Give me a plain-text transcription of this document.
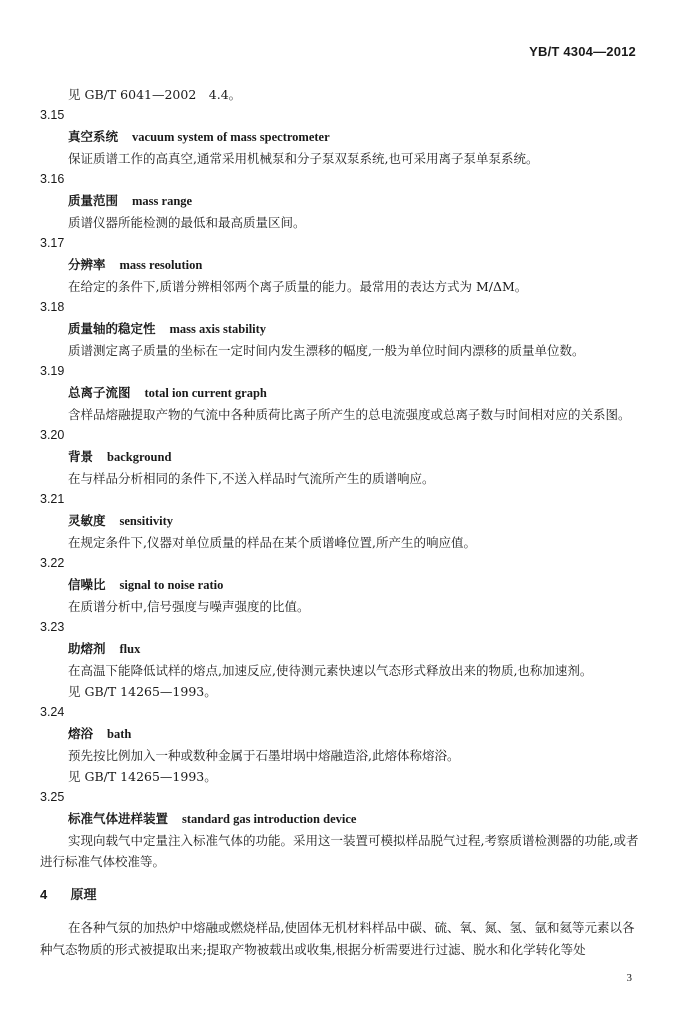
YB/T 4304—2012
见 GB/T 6041—2002　4.4。
3.15
真空系统 vacuum system of mass spectrometer
保证质谱工作的高真空,通常采用机械泵和分子泵双泵系统,也可采用离子泵单泵系统。
3.16
质量范围 mass range
质谱仪器所能检测的最低和最高质量区间。
3.17
分辨率 mass resolution
在给定的条件下,质谱分辨相邻两个离子质量的能力。最常用的表达方式为 M/ΔM。
3.18
质量轴的稳定性 mass axis stability
质谱测定离子质量的坐标在一定时间内发生漂移的幅度,一般为单位时间内漂移的质量单位数。
3.19
总离子流图 total ion current graph
含样品熔融提取产物的气流中各种质荷比离子所产生的总电流强度或总离子数与时间相对应的关系图。
3.20
背景 background
在与样品分析相同的条件下,不送入样品时气流所产生的质谱响应。
3.21
灵敏度 sensitivity
在规定条件下,仪器对单位质量的样品在某个质谱峰位置,所产生的响应值。
3.22
信噪比 signal to noise ratio
在质谱分析中,信号强度与噪声强度的比值。
3.23
助熔剂 flux
在高温下能降低试样的熔点,加速反应,使待测元素快速以气态形式释放出来的物质,也称加速剂。
见 GB/T 14265—1993。
3.24
熔浴 bath
预先按比例加入一种或数种金属于石墨坩埚中熔融造浴,此熔体称熔浴。
见 GB/T 14265—1993。
3.25
标准气体进样装置 standard gas introduction device
实现向载气中定量注入标准气体的功能。采用这一装置可模拟样品脱气过程,考察质谱检测器的功能,或者进行标准气体校准等。
4 原理
在各种气氛的加热炉中熔融或燃烧样品,使固体无机材料样品中碳、硫、氧、氮、氢、氩和氦等元素以各种气态物质的形式被提取出来;提取产物被载出或收集,根据分析需要进行过滤、脱水和化学转化等处
3
